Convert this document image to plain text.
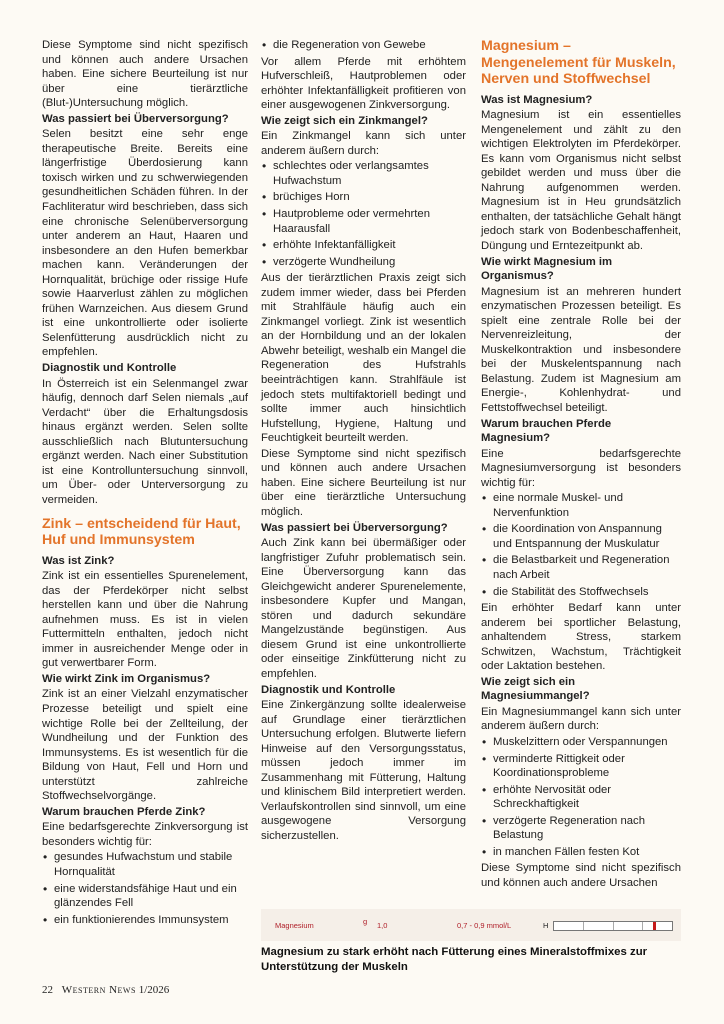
Diese Symptome sind nicht spezifisch und können auch andere Ursachen haben. Eine sichere Beurteilung ist nur über eine tierärztliche (Blut-)Untersuchung möglich.

Was passiert bei Überversorgung?

Selen besitzt eine sehr enge therapeutische Breite. Bereits eine längerfristige Überdosierung kann toxisch wirken und zu schwerwiegenden gesundheitlichen Schäden führen. In der Fachliteratur wird beschrieben, dass sich eine chronische Selenüberversorgung unter anderem an Haut, Haaren und insbesondere an den Hufen bemerkbar machen kann. Veränderungen der Hornqualität, brüchige oder rissige Hufe sowie Haarverlust zählen zu möglichen frühen Warnzeichen. Aus diesem Grund ist eine unkontrollierte oder isolierte Selenfütterung ausdrücklich nicht zu empfehlen.

Diagnostik und Kontrolle

In Österreich ist ein Selenmangel zwar häufig, dennoch darf Selen niemals „auf Verdacht“ über die Erhaltungsdosis hinaus ergänzt werden. Selen sollte ausschließlich nach Blutuntersuchung ergänzt werden. Nach einer Substitution ist eine Kontrolluntersuchung sinnvoll, um Über- oder Unterversorgung zu vermeiden.

Zink – entscheidend für Haut, Huf und Immunsystem
Was ist Zink?

Zink ist ein essentielles Spurenelement, das der Pferdekörper nicht selbst herstellen kann und über die Nahrung aufnehmen muss. Es ist in vielen Futtermitteln enthalten, jedoch nicht immer in ausreichender Menge oder in gut verwertbarer Form.

Wie wirkt Zink im Organismus?

Zink ist an einer Vielzahl enzymatischer Prozesse beteiligt und spielt eine wichtige Rolle bei der Zellteilung, der Wundheilung und der Funktion des Immunsystems. Es ist wesentlich für die Bildung von Haut, Fell und Horn und unterstützt zahlreiche Stoffwechselvorgänge.

Warum brauchen Pferde Zink?

Eine bedarfsgerechte Zinkversorgung ist besonders wichtig für:

• gesundes Hufwachstum und stabile Hornqualität
• eine widerstandsfähige Haut und ein glänzendes Fell
• ein funktionierendes Immunsystem
• die Regeneration von Gewebe

Vor allem Pferde mit erhöhtem Hufverschleiß, Hautproblemen oder erhöhter Infektanfälligkeit profitieren von einer ausgewogenen Zinkversorgung.

Wie zeigt sich ein Zinkmangel?

Ein Zinkmangel kann sich unter anderem äußern durch:

• schlechtes oder verlangsamtes Hufwachstum
• brüchiges Horn
• Hautprobleme oder vermehrten Haarausfall
• erhöhte Infektanfälligkeit
• verzögerte Wundheilung

Aus der tierärztlichen Praxis zeigt sich zudem immer wieder, dass bei Pferden mit Strahlfäule häufig auch ein Zinkmangel vorliegt. Zink ist wesentlich an der Hornbildung und an der lokalen Abwehr beteiligt, weshalb ein Mangel die Regeneration des Hufstrahls beeinträchtigen kann. Strahlfäule ist jedoch stets multifaktoriell bedingt und sollte immer auch hinsichtlich Hufstellung, Hygiene, Haltung und Feuchtigkeit beurteilt werden.

Diese Symptome sind nicht spezifisch und können auch andere Ursachen haben. Eine sichere Beurteilung ist nur über eine tierärztliche Untersuchung möglich.

Was passiert bei Überversorgung?

Auch Zink kann bei übermäßiger oder langfristiger Zufuhr problematisch sein. Eine Überversorgung kann das Gleichgewicht anderer Spurenelemente, insbesondere Kupfer und Mangan, stören und dadurch sekundäre Mangelzustände begünstigen. Aus diesem Grund ist eine unkontrollierte oder einseitige Zinkfütterung nicht zu empfehlen.

Diagnostik und Kontrolle

Eine Zinkergänzung sollte idealerweise auf Grundlage einer tierärztlichen Untersuchung erfolgen. Blutwerte liefern Hinweise auf den Versorgungsstatus, müssen jedoch immer im Zusammenhang mit Fütterung, Haltung und klinischem Bild interpretiert werden. Verlaufskontrollen sind sinnvoll, um eine ausgewogene Versorgung sicherzustellen.

Magnesium – Mengenelement für Muskeln, Nerven und Stoffwechsel
Was ist Magnesium?

Magnesium ist ein essentielles Mengenelement und zählt zu den wichtigen Elektrolyten im Pferdekörper. Es kann vom Organismus nicht selbst gebildet werden und muss über die Nahrung aufgenommen werden. Magnesium ist in Heu grundsätzlich enthalten, der tatsächliche Gehalt hängt jedoch stark von Bodenbeschaffenheit, Düngung und Erntezeitpunkt ab.

Wie wirkt Magnesium im Organismus?

Magnesium ist an mehreren hundert enzymatischen Prozessen beteiligt. Es spielt eine zentrale Rolle bei der Nervenreizleitung, der Muskelkontraktion und insbesondere bei der Muskelentspannung nach Belastung. Zudem ist Magnesium am Energie-, Kohlenhydrat- und Fettstoffwechsel beteiligt.

Warum brauchen Pferde Magnesium?

Eine bedarfsgerechte Magnesiumversorgung ist besonders wichtig für:

• eine normale Muskel- und Nervenfunktion
• die Koordination von Anspannung und Entspannung der Muskulatur
• die Belastbarkeit und Regeneration nach Arbeit
• die Stabilität des Stoffwechsels

Ein erhöhter Bedarf kann unter anderem bei sportlicher Belastung, anhaltendem Stress, starkem Schwitzen, Wachstum, Trächtigkeit oder Laktation bestehen.

Wie zeigt sich ein Magnesiummangel?

Ein Magnesiummangel kann sich unter anderem äußern durch:

• Muskelzittern oder Verspannungen
• verminderte Rittigkeit oder Koordinationsprobleme
• erhöhte Nervosität oder Schreckhaftigkeit
• verzögerte Regeneration nach Belastung
• in manchen Fällen festen Kot

Diese Symptome sind nicht spezifisch und können auch andere Ursachen

Magnesium	g 1,0	0,7 - 0,9 mmol/L	H
Magnesium zu stark erhöht nach Fütterung eines Mineralstoffmixes zur Unterstützung der Muskeln
22 Western News 1/2026
